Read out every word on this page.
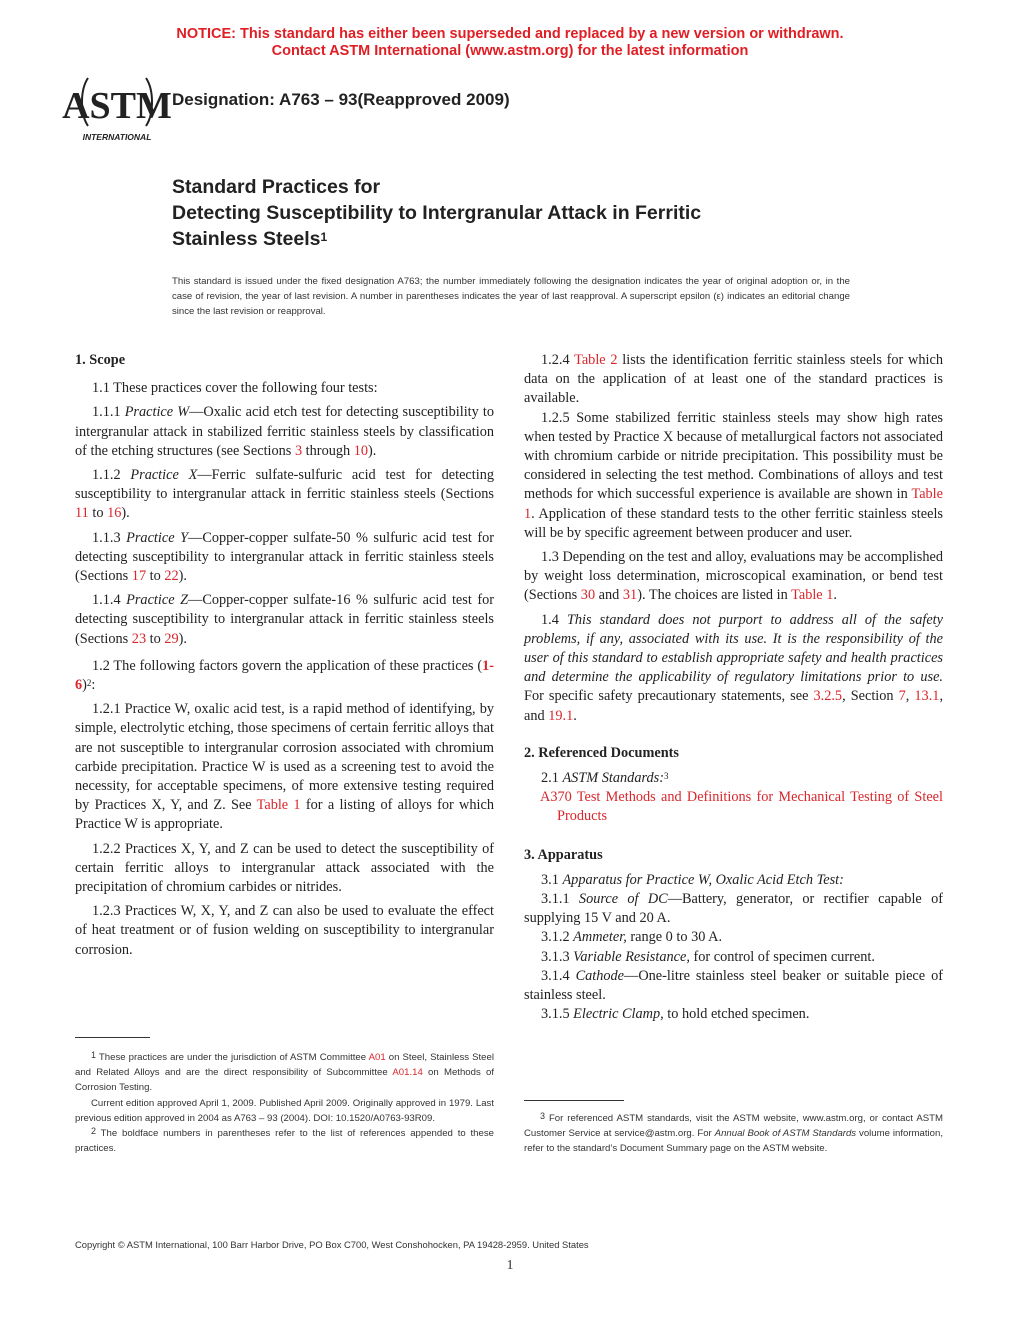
NOTICE: This standard has either been superseded and replaced by a new version or withdrawn.
Contact ASTM International (www.astm.org) for the latest information
ASTM
INTERNATIONAL
Designation: A763 – 93(Reapproved 2009)
Standard Practices for
Detecting Susceptibility to Intergranular Attack in Ferritic
Stainless Steels$^1$
This standard is issued under the fixed designation A763; the number immediately following the designation indicates the year of original adoption or, in the case of revision, the year of last revision. A number in parentheses indicates the year of last reapproval. A superscript epsilon (ε) indicates an editorial change since the last revision or reapproval.

1. Scope

1.1 These practices cover the following four tests:

1.1.1 Practice W—Oxalic acid etch test for detecting susceptibility to intergranular attack in stabilized ferritic stainless steels by classification of the etching structures (see Sections 3 through 10).

1.1.2 Practice X—Ferric sulfate-sulfuric acid test for detecting susceptibility to intergranular attack in ferritic stainless steels (Sections 11 to 16).

1.1.3 Practice Y—Copper-copper sulfate-50 % sulfuric acid test for detecting susceptibility to intergranular attack in ferritic stainless steels (Sections 17 to 22).

1.1.4 Practice Z—Copper-copper sulfate-16 % sulfuric acid test for detecting susceptibility to intergranular attack in ferritic stainless steels (Sections 23 to 29).

1.2 The following factors govern the application of these practices $(1-6)^2$:

1.2.1 Practice W, oxalic acid test, is a rapid method of identifying, by simple, electrolytic etching, those specimens of certain ferritic alloys that are not susceptible to intergranular corrosion associated with chromium carbide precipitation. Practice W is used as a screening test to avoid the necessity, for acceptable specimens, of more extensive testing required by Practices X, Y, and Z. See Table 1 for a listing of alloys for which Practice W is appropriate.

1.2.2 Practices X, Y, and Z can be used to detect the susceptibility of certain ferritic alloys to intergranular attack associated with the precipitation of chromium carbides or nitrides.

1.2.3 Practices W, X, Y, and Z can also be used to evaluate the effect of heat treatment or of fusion welding on susceptibility to intergranular corrosion.

$^1$ These practices are under the jurisdiction of ASTM Committee A01 on Steel, Stainless Steel and Related Alloys and are the direct responsibility of Subcommittee A01.14 on Methods of Corrosion Testing.

Current edition approved April 1, 2009. Published April 2009. Originally approved in 1979. Last previous edition approved in 2004 as A763 – 93 (2004). DOI: 10.1520/A0763-93R09.

$^2$ The boldface numbers in parentheses refer to the list of references appended to these practices.

1.2.4 Table 2 lists the identification ferritic stainless steels for which data on the application of at least one of the standard practices is available.

1.2.5 Some stabilized ferritic stainless steels may show high rates when tested by Practice X because of metallurgical factors not associated with chromium carbide or nitride precipitation. This possibility must be considered in selecting the test method. Combinations of alloys and test methods for which successful experience is available are shown in Table 1. Application of these standard tests to the other ferritic stainless steels will be by specific agreement between producer and user.

1.3 Depending on the test and alloy, evaluations may be accomplished by weight loss determination, microscopical examination, or bend test (Sections 30 and 31). The choices are listed in Table 1.

1.4 This standard does not purport to address all of the safety problems, if any, associated with its use. It is the responsibility of the user of this standard to establish appropriate safety and health practices and determine the applicability of regulatory limitations prior to use. For specific safety precautionary statements, see 3.2.5, Section 7, 13.1, and 19.1.

2. Referenced Documents

2.1 ASTM Standards:$^3$

A370 Test Methods and Definitions for Mechanical Testing of Steel Products

3. Apparatus

3.1 Apparatus for Practice W, Oxalic Acid Etch Test:

3.1.1 Source of DC—Battery, generator, or rectifier capable of supplying 15 V and 20 A.

3.1.2 Ammeter, range 0 to 30 A.

3.1.3 Variable Resistance, for control of specimen current.

3.1.4 Cathode—One-litre stainless steel beaker or suitable piece of stainless steel.

3.1.5 Electric Clamp, to hold etched specimen.

$^3$ For referenced ASTM standards, visit the ASTM website, www.astm.org, or contact ASTM Customer Service at service@astm.org. For Annual Book of ASTM Standards volume information, refer to the standard’s Document Summary page on the ASTM website.

Copyright © ASTM International, 100 Barr Harbor Drive, PO Box C700, West Conshohocken, PA 19428-2959. United States
1
